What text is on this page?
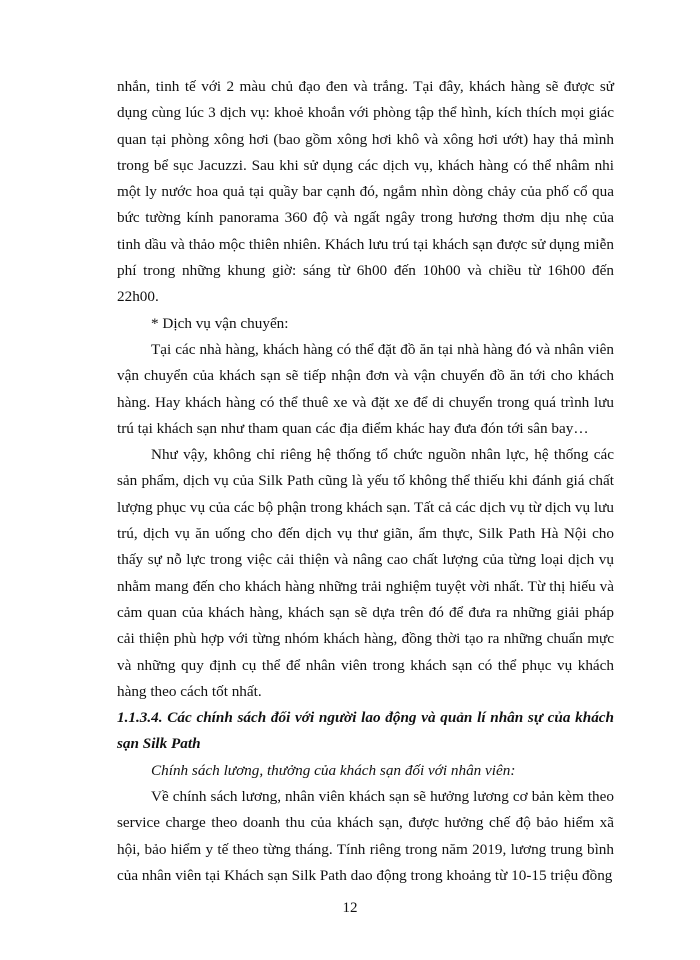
nhắn, tinh tế với 2 màu chủ đạo đen và trắng. Tại đây, khách hàng sẽ được sử dụng cùng lúc 3 dịch vụ: khoẻ khoắn với phòng tập thể hình, kích thích mọi giác quan tại phòng xông hơi (bao gồm xông hơi khô và xông hơi ướt) hay thả mình trong bể sục Jacuzzi. Sau khi sử dụng các dịch vụ, khách hàng có thể nhâm nhi một ly nước hoa quả tại quầy bar cạnh đó, ngắm nhìn dòng chảy của phố cổ qua bức tường kính panorama 360 độ và ngất ngây trong hương thơm dịu nhẹ của tinh dầu và thảo mộc thiên nhiên. Khách lưu trú tại khách sạn được sử dụng miễn phí trong những khung giờ: sáng từ 6h00 đến 10h00 và chiều từ 16h00 đến 22h00.

* Dịch vụ vận chuyển:

Tại các nhà hàng, khách hàng có thể đặt đồ ăn tại nhà hàng đó và nhân viên vận chuyển của khách sạn sẽ tiếp nhận đơn và vận chuyển đồ ăn tới cho khách hàng. Hay khách hàng có thể thuê xe và đặt xe để di chuyển trong quá trình lưu trú tại khách sạn như tham quan các địa điểm khác hay đưa đón tới sân bay…

Như vậy, không chỉ riêng hệ thống tổ chức nguồn nhân lực, hệ thống các sản phẩm, dịch vụ của Silk Path cũng là yếu tố không thể thiếu khi đánh giá chất lượng phục vụ của các bộ phận trong khách sạn. Tất cả các dịch vụ từ dịch vụ lưu trú, dịch vụ ăn uống cho đến dịch vụ thư giãn, ẩm thực, Silk Path Hà Nội cho thấy sự nỗ lực trong việc cải thiện và nâng cao chất lượng của từng loại dịch vụ nhằm mang đến cho khách hàng những trải nghiệm tuyệt vời nhất. Từ thị hiếu và cảm quan của khách hàng, khách sạn sẽ dựa trên đó để đưa ra những giải pháp cải thiện phù hợp với từng nhóm khách hàng, đồng thời tạo ra những chuẩn mực và những quy định cụ thể để nhân viên trong khách sạn có thể phục vụ khách hàng theo cách tốt nhất.

1.1.3.4. Các chính sách đối với người lao động và quản lí nhân sự của khách sạn Silk Path

Chính sách lương, thưởng của khách sạn đối với nhân viên:

Về chính sách lương, nhân viên khách sạn sẽ hưởng lương cơ bản kèm theo service charge theo doanh thu của khách sạn, được hưởng chế độ bảo hiểm xã hội, bảo hiểm y tế theo từng tháng. Tính riêng trong năm 2019, lương trung bình của nhân viên tại Khách sạn Silk Path dao động trong khoảng từ 10-15 triệu đồng

12
